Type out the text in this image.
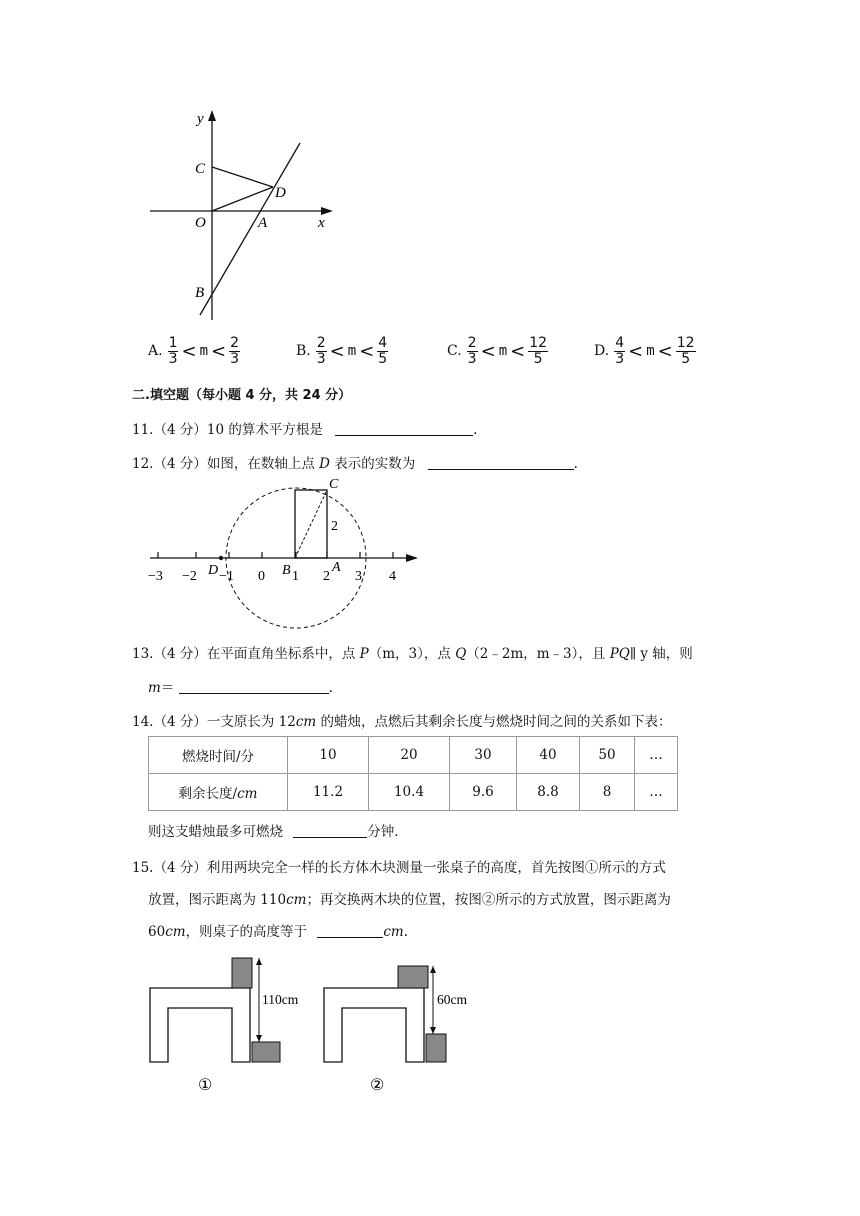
y
C
D
O	A	x
B
A. $\frac{1}{3} < m < \frac{2}{3}$	B. $\frac{2}{3} < m < \frac{4}{5}$	C. $\frac{2}{3} < m < \frac{12}{5}$	D. $\frac{4}{3} < m < \frac{12}{5}$
二.填空题（每小题 4 分，共 24 分）
11.（4 分）10 的算术平方根是	.
12.（4 分）如图，在数轴上点 D 表示的实数为	.
−3 −2 D −1 0 B 1 2
A
3 4
C
2
13.（4 分）在平面直角坐标系中，点 P（m，3），点 Q（2﹣2m，m﹣3），且 PQ∥ y 轴，则
m＝	.
14.（4 分）一支原长为 12cm 的蜡烛，点燃后其剩余长度与燃烧时间之间的关系如下表：
燃烧时间/分	10	20	30	40	50	…
剩余长度/cm	11.2	10.4	9.6	8.8	8	…
则这支蜡烛最多可燃烧	分钟.
15.（4 分）利用两块完全一样的长方体木块测量一张桌子的高度，首先按图①所示的方式
放置，图示距离为 110cm；再交换两木块的位置，按图②所示的方式放置，图示距离为
60cm，则桌子的高度等于	cm.
110cm
①
60cm
②
